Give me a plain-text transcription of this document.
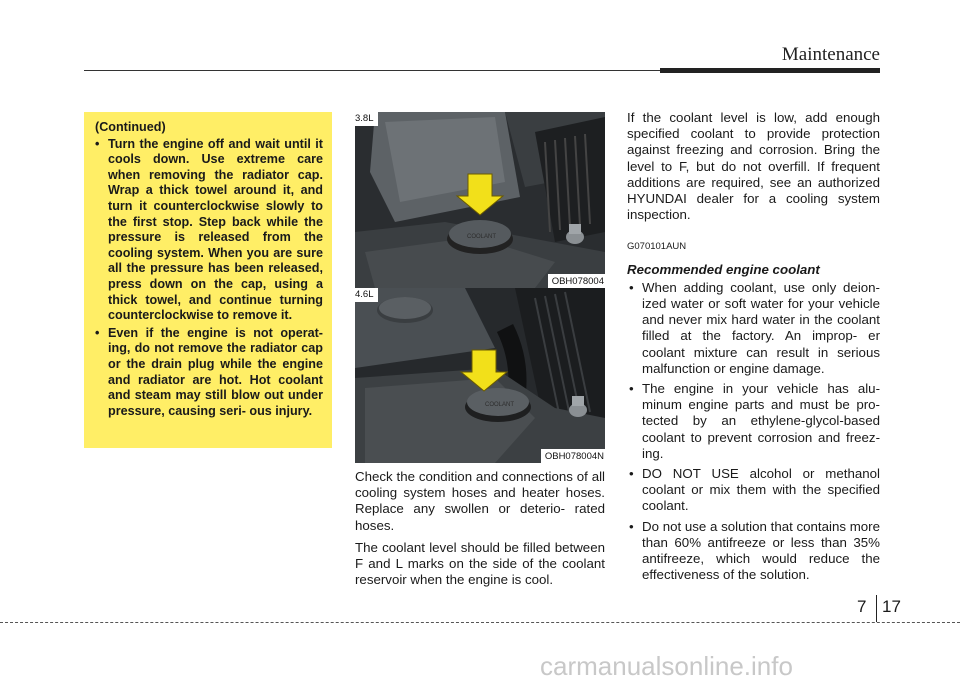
Maintenance
(Continued)
• Turn the engine off and wait until it cools down. Use extreme care when removing the radiator cap. Wrap a thick towel around it, and turn it counterclockwise slowly to the first stop. Step back while the pressure is released from the cooling system. When you are sure all the pressure has been released, press down on the cap, using a thick towel, and continue turning counterclockwise to remove it.
• Even if the engine is not operat- ing, do not remove the radiator cap or the drain plug while the engine and radiator are hot. Hot coolant and steam may still blow out under pressure, causing seri- ous injury.
COOLANT
3.8L
OBH078004
COOLANT
4.6L
OBH078004N

Check the condition and connections of all cooling system hoses and heater hoses. Replace any swollen or deterio- rated hoses.

The coolant level should be filled between F and L marks on the side of the coolant reservoir when the engine is cool.

If the coolant level is low, add enough specified coolant to provide protection against freezing and corrosion. Bring the level to F, but do not overfill. If frequent additions are required, see an authorized HYUNDAI dealer for a cooling system inspection.

G070101AUN
Recommended engine coolant
• When adding coolant, use only deion- ized water or soft water for your vehicle and never mix hard water in the coolant filled at the factory. An improp- er coolant mixture can result in serious malfunction or engine damage.
• The engine in your vehicle has alu- minum engine parts and must be pro- tected by an ethylene-glycol-based coolant to prevent corrosion and freez- ing.
• DO NOT USE alcohol or methanol coolant or mix them with the specified coolant.
• Do not use a solution that contains more than 60% antifreeze or less than 35% antifreeze, which would reduce the effectiveness of the solution.
7 17
carmanualsonline.info
